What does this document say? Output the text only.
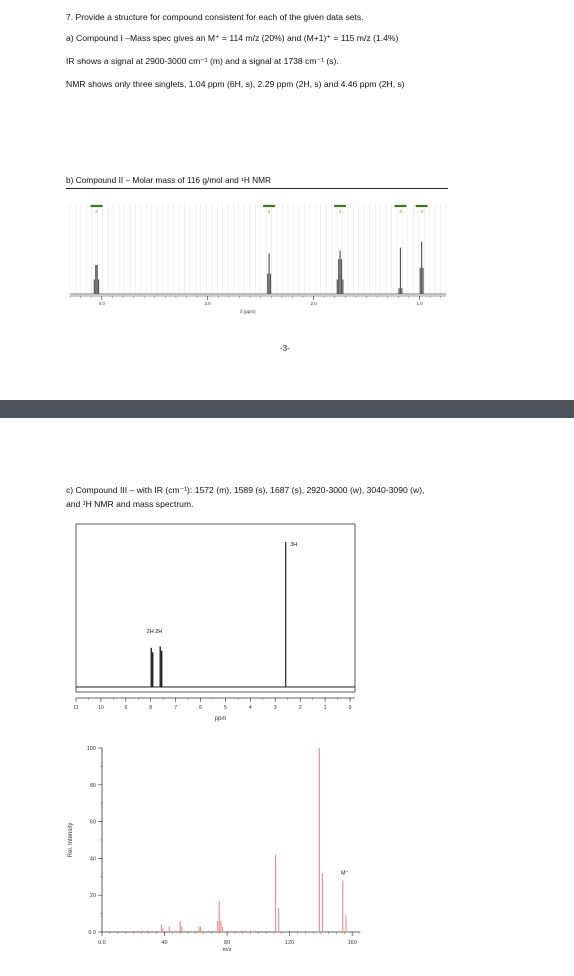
7. Provide a structure for compound consistent for each of the given data sets.
a) Compound I –Mass spec gives an M⁺ = 114 m/z (20%) and (M+1)⁺ = 115 m/z (1.4%)
IR shows a signal at 2900-3000 cm⁻¹ (m) and a signal at 1738 cm⁻¹ (s).
NMR shows only three singlets, 1.04 ppm (6H, s), 2.29 ppm (2H, s) and 4.46 ppm (2H, s)
b) Compound II – Molar mass of 116 g/mol and ¹H NMR
4.0	3.0	2.0	1.0
δ (ppm)
2	2	2	3	3
-3-
c) Compound III – with IR (cm⁻¹): 1572 (m), 1589 (s), 1687 (s), 2920-3000 (w), 3040-3090 (w),
and ¹H NMR and mass spectrum.
11	10	9	8	7	6	5	4	3	2	1	0
ppm
2H 2H
3H
0.0	40	80	120	160
0.0
20
40
60
80
100
m/z
Rel. Intensity
M⁺
